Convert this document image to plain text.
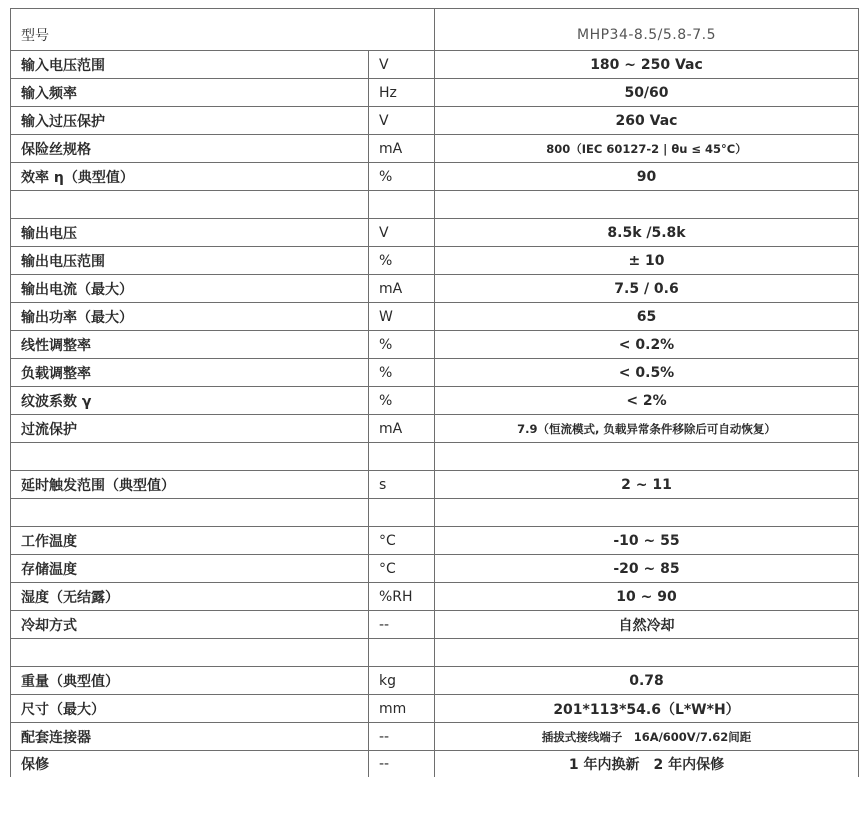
型号		MHP34-8.5/5.8-7.5
输入电压范围	V	180 ~ 250 Vac
输入频率	Hz	50/60
输入过压保护	V	260 Vac
保险丝规格	mA	800（IEC 60127-2 | θu ≤ 45°C）
效率 η（典型值）	%	90

输出电压	V	8.5k /5.8k
输出电压范围	%	± 10
输出电流（最大）	mA	7.5 / 0.6
输出功率（最大）	W	65
线性调整率	%	< 0.2%
负载调整率	%	< 0.5%
纹波系数 γ	%	< 2%
过流保护	mA	7.9（恒流模式, 负载异常条件移除后可自动恢复）

延时触发范围（典型值）	s	2 ~ 11

工作温度	°C	-10 ~ 55
存储温度	°C	-20 ~ 85
湿度（无结露）	%RH	10 ~ 90
冷却方式	--	自然冷却

重量（典型值）	kg	0.78
尺寸（最大）	mm	201*113*54.6（L*W*H）
配套连接器	--	插拔式接线端子　16A/600V/7.62间距
保修	--	1 年内换新　2 年内保修
